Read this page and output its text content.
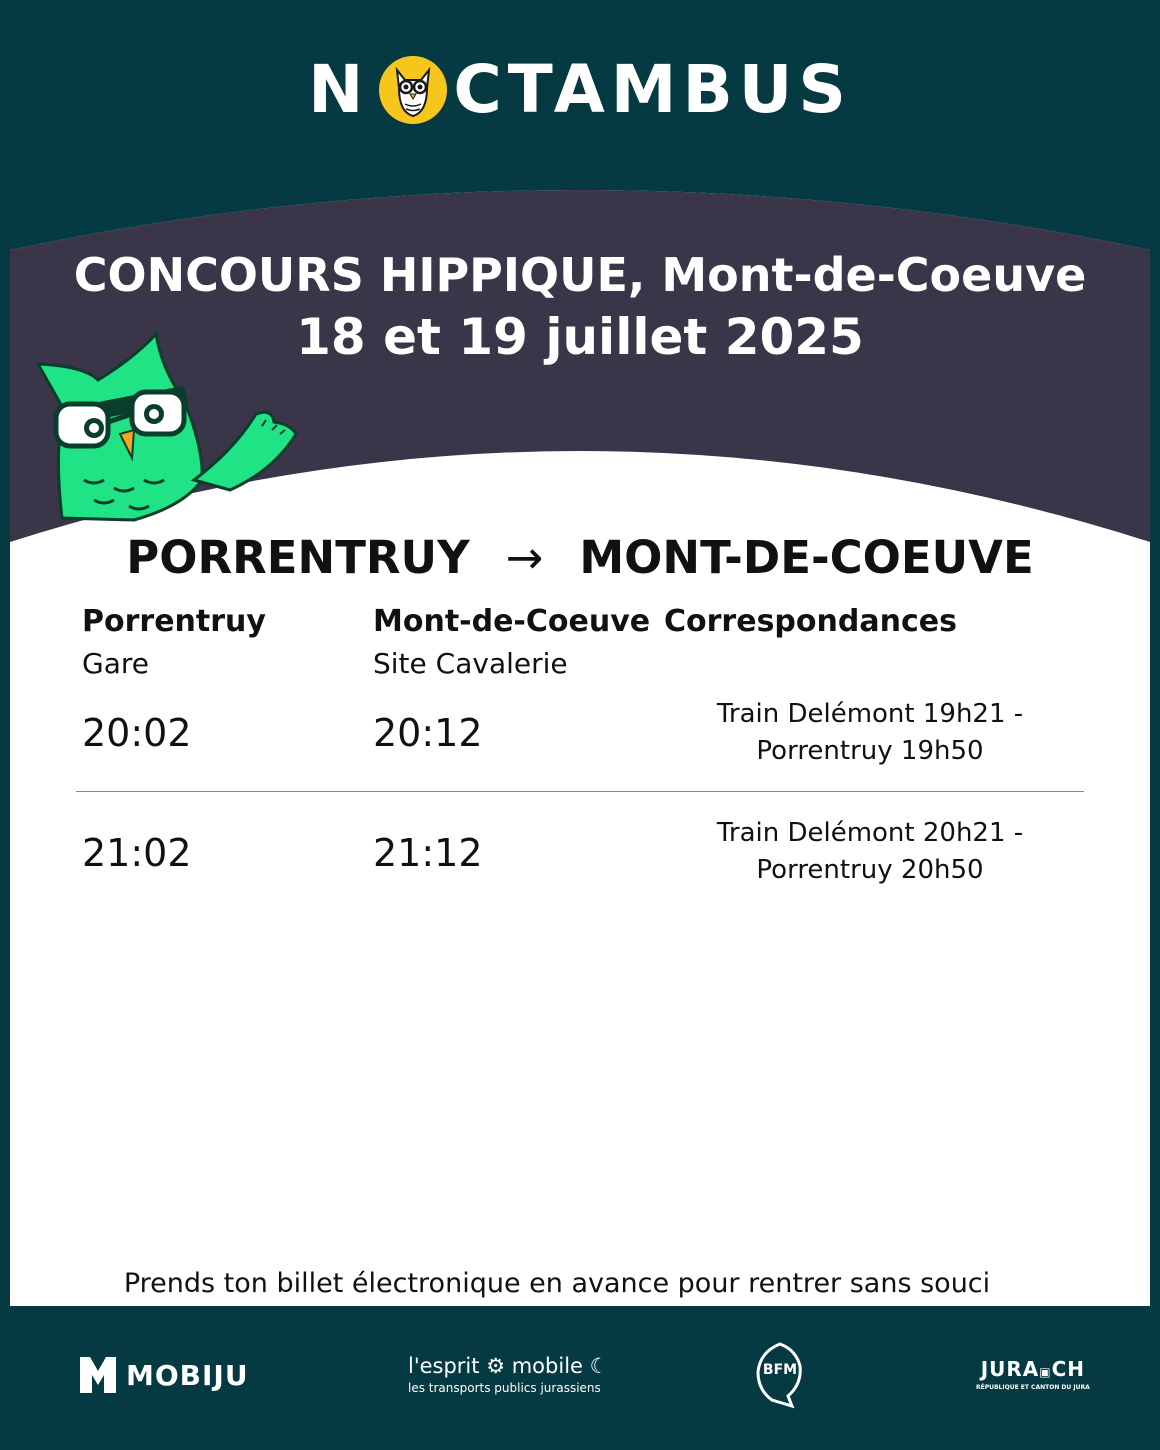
N CTAMBUS
CONCOURS HIPPIQUE, Mont-de-Coeuve
18 et 19 juillet 2025
PORRENTRUY → MONT-DE-COEUVE
Porrentruy	Mont-de-Coeuve Correspondances
Gare	Site Cavalerie
20:02	20:12	Train Delémont 19h21 -
Porrentruy 19h50
21:02	21:12	Train Delémont 20h21 -
Porrentruy 20h50
Prends ton billet électronique en avance pour rentrer sans souci
MOBIJU	l'esprit ⚙ mobile ☾
les transports publics jurassiens
BFM	JURA▣CH
RÉPUBLIQUE ET CANTON DU JURA
